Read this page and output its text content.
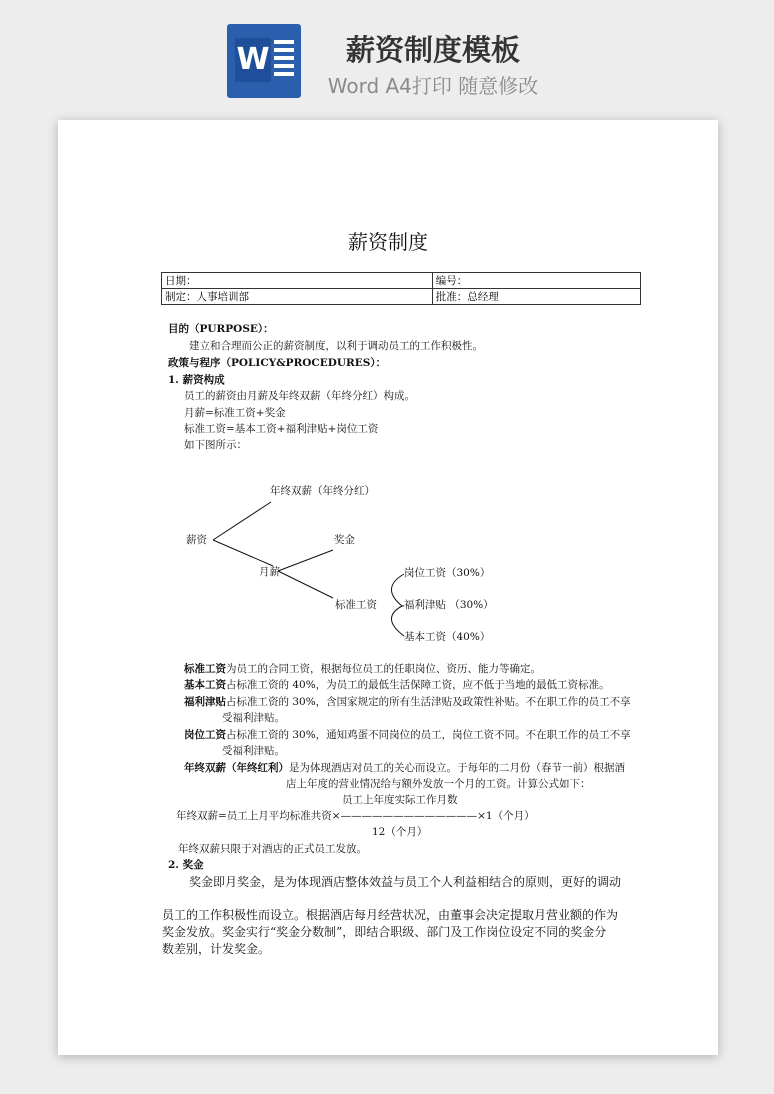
W	薪资制度模板
Word A4打印 随意修改
薪资制度
日期：	编号：
制定：人事培训部	批准：总经理
目的（PURPOSE）：
建立和合理而公正的薪资制度，以利于调动员工的工作积极性。
政策与程序（POLICY&PROCEDURES）：
1. 薪资构成
员工的薪资由月薪及年终双薪（年终分红）构成。
月薪=标准工资+奖金
标准工资=基本工资+福利津贴+岗位工资
如下图所示：
年终双薪（年终分红）
薪资	奖金
月薪	岗位工资（30%）
标准工资	福利津贴 （30%）
基本工资（40%）
标准工资为员工的合同工资，根据每位员工的任职岗位、资历、能力等确定。
基本工资占标准工资的 40%，为员工的最低生活保障工资，应不低于当地的最低工资标准。
福利津贴占标准工资的 30%，含国家规定的所有生活津贴及政策性补贴。不在职工作的员工不享
受福利津贴。
岗位工资占标准工资的 30%，通知鸡蛋不同岗位的员工，岗位工资不同。不在职工作的员工不享
受福利津贴。
年终双薪（年终红利）是为体现酒店对员工的关心而设立。于每年的二月份（春节一前）根据酒
店上年度的营业情况给与额外发放一个月的工资。计算公式如下：
员工上年度实际工作月数
年终双薪=员工上月平均标准共资×—————————————×1（个月）
12（个月）
年终双薪只限于对酒店的正式员工发放。
2. 奖金
奖金即月奖金，是为体现酒店整体效益与员工个人利益相结合的原则，更好的调动
员工的工作积极性而设立。根据酒店每月经营状况，由董事会决定提取月营业额的作为
奖金发放。奖金实行“奖金分数制”，即结合职级、部门及工作岗位设定不同的奖金分
数差别，计发奖金。
